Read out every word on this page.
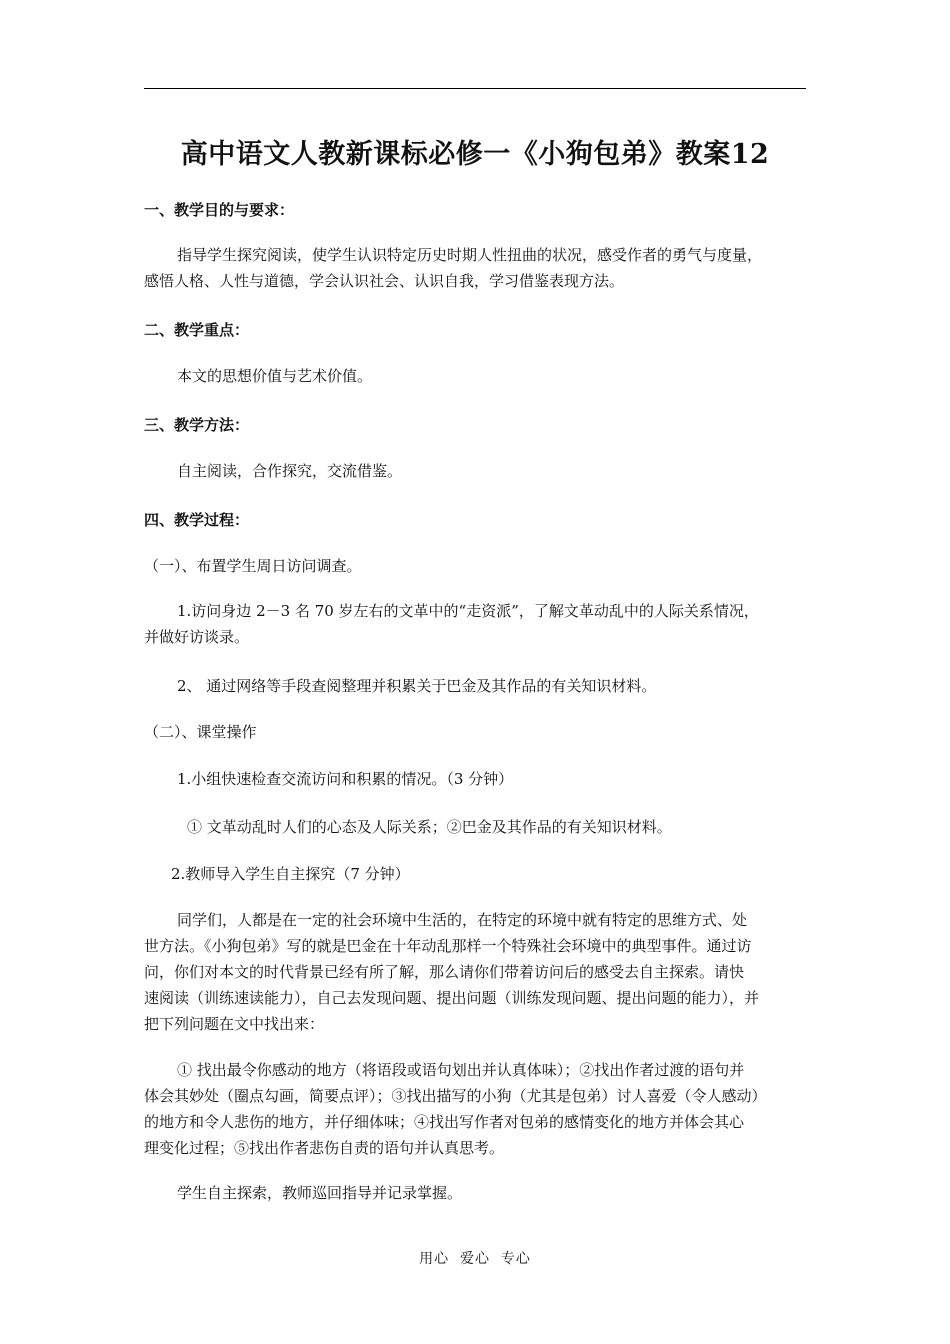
高中语文人教新课标必修一《小狗包弟》教案12
一、教学目的与要求：
指导学生探究阅读，使学生认识特定历史时期人性扭曲的状况，感受作者的勇气与度量，
感悟人格、人性与道德，学会认识社会、认识自我，学习借鉴表现方法。
二、教学重点：
本文的思想价值与艺术价值。
三、教学方法：
自主阅读，合作探究，交流借鉴。
四、教学过程：
（一）、布置学生周日访问调查。
1.访问身边 2－3 名 70 岁左右的文革中的“走资派”，了解文革动乱中的人际关系情况，
并做好访谈录。
2、 通过网络等手段查阅整理并积累关于巴金及其作品的有关知识材料。
（二）、课堂操作
1.小组快速检查交流访问和积累的情况。（3 分钟）
① 文革动乱时人们的心态及人际关系；②巴金及其作品的有关知识材料。
2.教师导入学生自主探究（7 分钟）
同学们，人都是在一定的社会环境中生活的，在特定的环境中就有特定的思维方式、处
世方法。《小狗包弟》写的就是巴金在十年动乱那样一个特殊社会环境中的典型事件。通过访
问，你们对本文的时代背景已经有所了解，那么请你们带着访问后的感受去自主探索。请快
速阅读（训练速读能力），自己去发现问题、提出问题（训练发现问题、提出问题的能力），并
把下列问题在文中找出来：
① 找出最令你感动的地方（将语段或语句划出并认真体味）；②找出作者过渡的语句并
体会其妙处（圈点勾画，简要点评）；③找出描写的小狗（尤其是包弟）讨人喜爱（令人感动）
的地方和令人悲伤的地方，并仔细体味；④找出写作者对包弟的感情变化的地方并体会其心
理变化过程；⑤找出作者悲伤自责的语句并认真思考。
学生自主探索，教师巡回指导并记录掌握。
用心  爱心  专心
